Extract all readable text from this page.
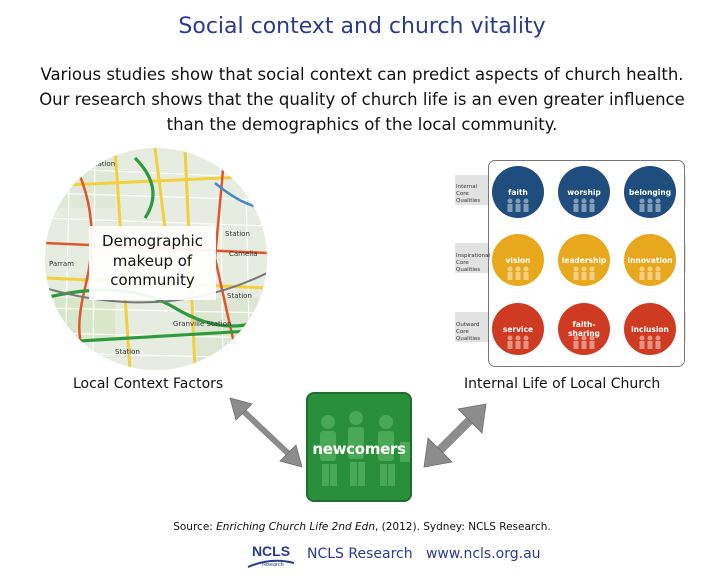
Social context and church vitality
Various studies show that social context can predict aspects of church health.
Our research shows that the quality of church life is an even greater influence
than the demographics of the local community.
ead Station
Parram
Station
Granville Station
Station
Camelia
Station
Demographic
makeup of
community
Local Context Factors	Internal Life of Local Church
Internal Core Qualities
Inspirational Core Qualities
Outward Core Qualities
faith	worship	belonging
vision	leadership	innovation
service	faith-sharing	inclusion
newcomers
Source: Enriching Church Life 2nd Edn, (2012). Sydney: NCLS Research.
NCLS
research
NCLS Research   www.ncls.org.au
